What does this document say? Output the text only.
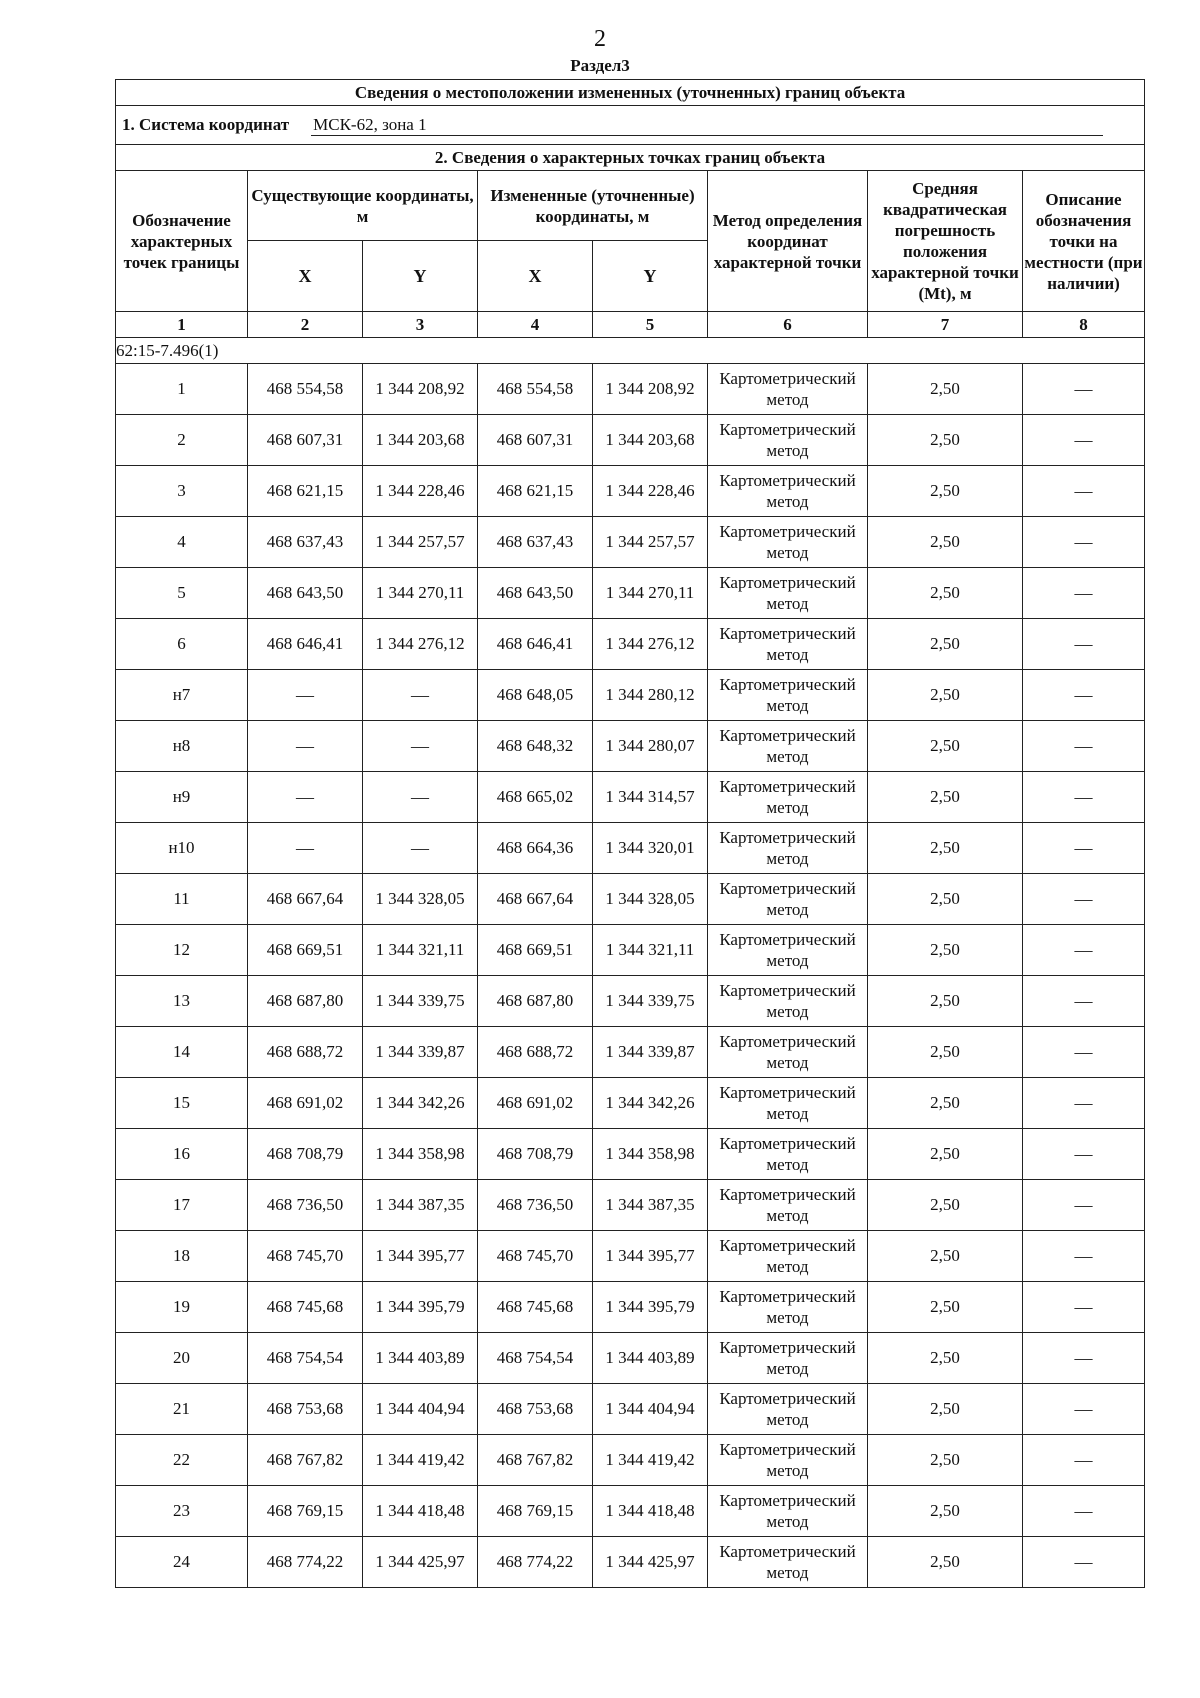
2
Раздел3
Сведения о местоположении измененных (уточненных) границ объекта							
1. Система координат МСК-62, зона 1							
2. Сведения о характерных точках границ объекта							
Обозначение характерных точек границы	Существующие координаты, м		Измененные (уточненные) координаты, м		Метод определения координат характерной точки	Средняя квадратическая погрешность положения характерной точки (Mt), м	Описание обозначения точки на местности (при наличии)
	X	Y	X	Y			
1	2	3	4	5	6	7	8
62:15-7.496(1)							
1	468 554,58	1 344 208,92	468 554,58	1 344 208,92	Картометрический метод	2,50	—
2	468 607,31	1 344 203,68	468 607,31	1 344 203,68	Картометрический метод	2,50	—
3	468 621,15	1 344 228,46	468 621,15	1 344 228,46	Картометрический метод	2,50	—
4	468 637,43	1 344 257,57	468 637,43	1 344 257,57	Картометрический метод	2,50	—
5	468 643,50	1 344 270,11	468 643,50	1 344 270,11	Картометрический метод	2,50	—
6	468 646,41	1 344 276,12	468 646,41	1 344 276,12	Картометрический метод	2,50	—
н7	—	—	468 648,05	1 344 280,12	Картометрический метод	2,50	—
н8	—	—	468 648,32	1 344 280,07	Картометрический метод	2,50	—
н9	—	—	468 665,02	1 344 314,57	Картометрический метод	2,50	—
н10	—	—	468 664,36	1 344 320,01	Картометрический метод	2,50	—
11	468 667,64	1 344 328,05	468 667,64	1 344 328,05	Картометрический метод	2,50	—
12	468 669,51	1 344 321,11	468 669,51	1 344 321,11	Картометрический метод	2,50	—
13	468 687,80	1 344 339,75	468 687,80	1 344 339,75	Картометрический метод	2,50	—
14	468 688,72	1 344 339,87	468 688,72	1 344 339,87	Картометрический метод	2,50	—
15	468 691,02	1 344 342,26	468 691,02	1 344 342,26	Картометрический метод	2,50	—
16	468 708,79	1 344 358,98	468 708,79	1 344 358,98	Картометрический метод	2,50	—
17	468 736,50	1 344 387,35	468 736,50	1 344 387,35	Картометрический метод	2,50	—
18	468 745,70	1 344 395,77	468 745,70	1 344 395,77	Картометрический метод	2,50	—
19	468 745,68	1 344 395,79	468 745,68	1 344 395,79	Картометрический метод	2,50	—
20	468 754,54	1 344 403,89	468 754,54	1 344 403,89	Картометрический метод	2,50	—
21	468 753,68	1 344 404,94	468 753,68	1 344 404,94	Картометрический метод	2,50	—
22	468 767,82	1 344 419,42	468 767,82	1 344 419,42	Картометрический метод	2,50	—
23	468 769,15	1 344 418,48	468 769,15	1 344 418,48	Картометрический метод	2,50	—
24	468 774,22	1 344 425,97	468 774,22	1 344 425,97	Картометрический метод	2,50	—
